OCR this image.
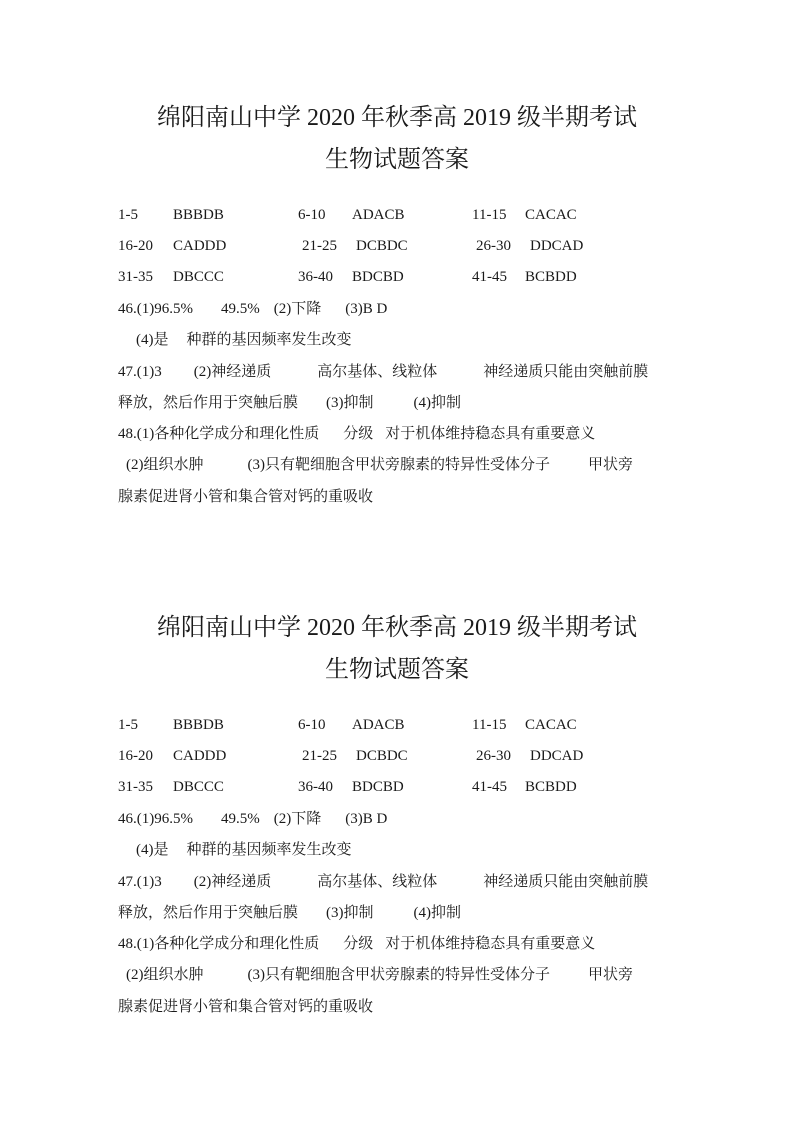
绵阳南山中学 2020 年秋季高 2019 级半期考试
生物试题答案
1-5 BBBDB	6-10 ADACB	11-15 CACAC
16-20 CADDD	21-25 DCBDC	26-30 DDCAD
31-35 DBCCC	36-40 BDCBD	41-45 BCBDD
46.(1)96.5% 49.5% (2)下降 (3)B D
(4)是 种群的基因频率发生改变
47.(1)3 (2)神经递质	高尔基体、线粒体	神经递质只能由突触前膜
释放，然后作用于突触后膜 (3)抑制	(4)抑制
48.(1)各种化学成分和理化性质 分级 对于机体维持稳态具有重要意义
(2)组织水肿	(3)只有靶细胞含甲状旁腺素的特异性受体分子	甲状旁
腺素促进肾小管和集合管对钙的重吸收
绵阳南山中学 2020 年秋季高 2019 级半期考试
生物试题答案
1-5 BBBDB	6-10 ADACB	11-15 CACAC
16-20 CADDD	21-25 DCBDC	26-30 DDCAD
31-35 DBCCC	36-40 BDCBD	41-45 BCBDD
46.(1)96.5% 49.5% (2)下降 (3)B D
(4)是 种群的基因频率发生改变
47.(1)3 (2)神经递质	高尔基体、线粒体	神经递质只能由突触前膜
释放，然后作用于突触后膜 (3)抑制	(4)抑制
48.(1)各种化学成分和理化性质 分级 对于机体维持稳态具有重要意义
(2)组织水肿	(3)只有靶细胞含甲状旁腺素的特异性受体分子	甲状旁
腺素促进肾小管和集合管对钙的重吸收
